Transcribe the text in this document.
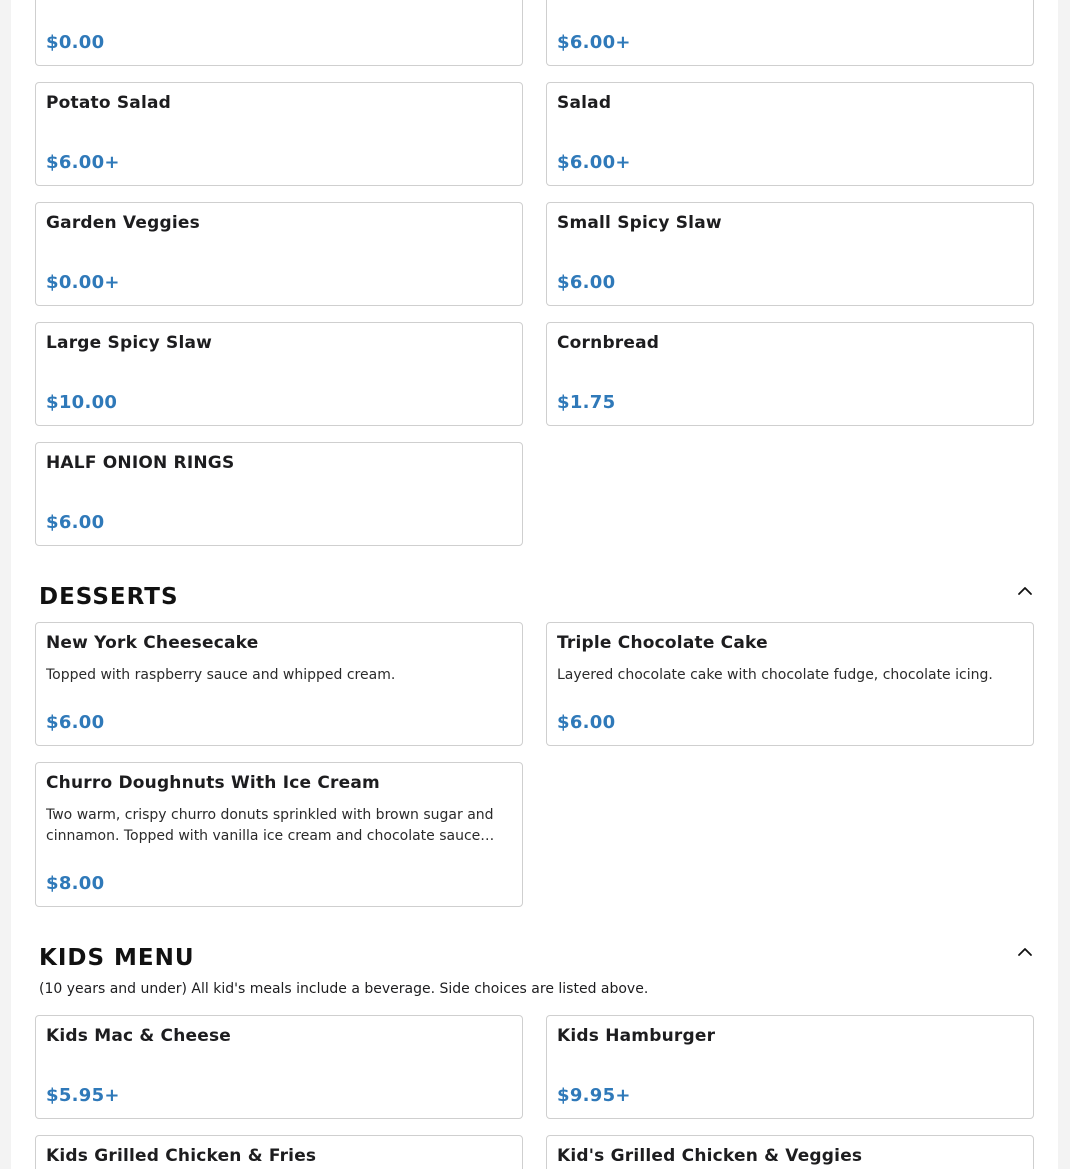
$0.00	$6.00+
Potato Salad
$6.00+
Salad
$6.00+
Garden Veggies
$0.00+
Small Spicy Slaw
$6.00
Large Spicy Slaw
$10.00
Cornbread
$1.75
HALF ONION RINGS
$6.00
DESSERTS
New York Cheesecake
Topped with raspberry sauce and whipped cream.
$6.00
Triple Chocolate Cake
Layered chocolate cake with chocolate fudge, chocolate icing.
$6.00
Churro Doughnuts With Ice Cream
Two warm, crispy churro donuts sprinkled with brown sugar and cinnamon. Topped with vanilla ice cream and chocolate sauce…
$8.00
KIDS MENU
(10 years and under) All kid's meals include a beverage. Side choices are listed above.
Kids Mac & Cheese
$5.95+
Kids Hamburger
$9.95+
Kids Grilled Chicken & Fries	Kid's Grilled Chicken & Veggies
